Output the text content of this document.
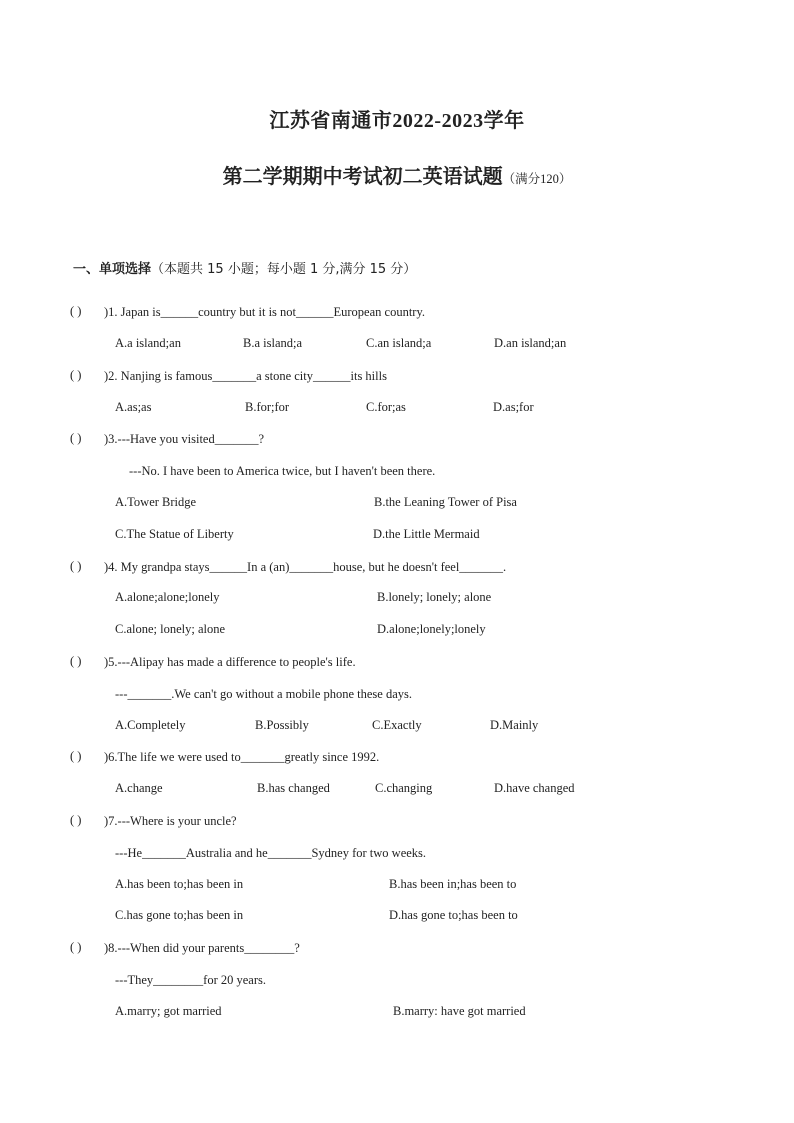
江苏省南通市2022-2023学年
第二学期期中考试初二英语试题（满分120）
一、单项选择（本题共 15 小题；每小题 1 分,满分 15 分）
( ) )1. Japan is______country but it is not______European country.
A.a island;an	B.a island;a	C.an island;a	D.an island;an
( ) )2. Nanjing is famous_______a stone city______its hills
A.as;as	B.for;for	C.for;as	D.as;for
( ) )3.---Have you visited_______?
---No. I have been to America twice, but I haven't been there.
A.Tower Bridge	B.the Leaning Tower of Pisa
C.The Statue of Liberty	D.the Little Mermaid
( ) )4. My grandpa stays______In a (an)_______house, but he doesn't feel_______.
A.alone;alone;lonely	B.lonely; lonely; alone
C.alone; lonely; alone	D.alone;lonely;lonely
( ) )5.---Alipay has made a difference to people's life.
---_______.We can't go without a mobile phone these days.
A.Completely	B.Possibly	C.Exactly	D.Mainly
( ) )6.The life we were used to_______greatly since 1992.
A.change	B.has changed	C.changing	D.have changed
( ) )7.---Where is your uncle?
---He_______Australia and he_______Sydney for two weeks.
A.has been to;has been in	B.has been in;has been to
C.has gone to;has been in	D.has gone to;has been to
( ) )8.---When did your parents________?
---They________for 20 years.
A.marry; got married	B.marry: have got married
